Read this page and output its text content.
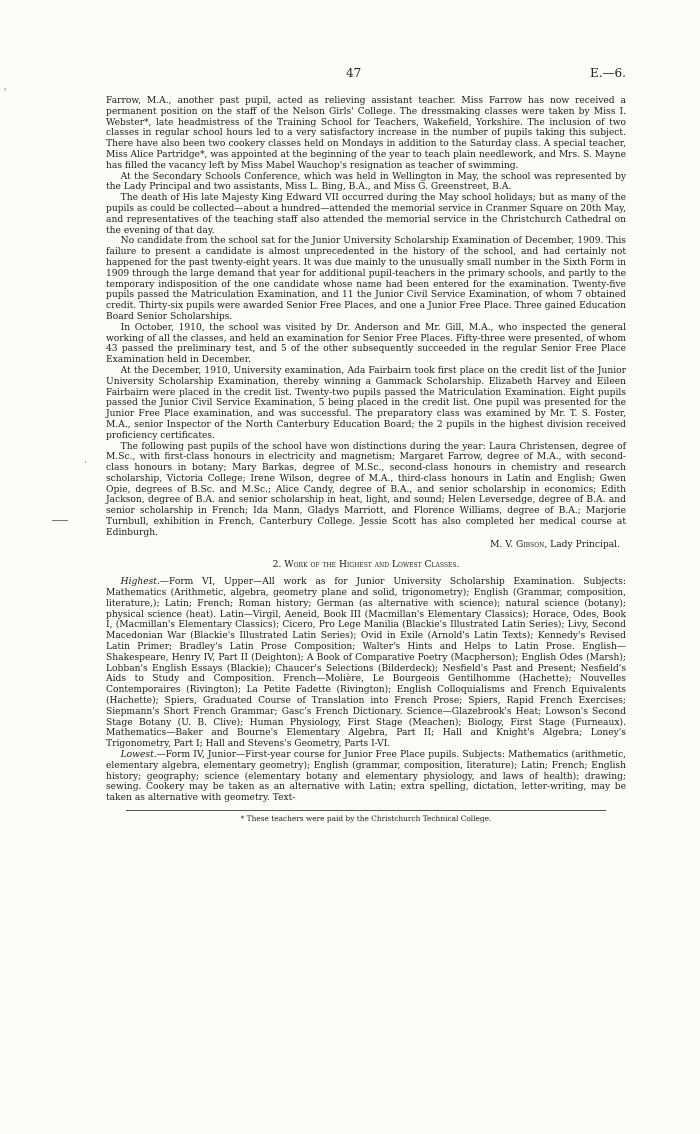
47	E.—6.
ʾ
·

Farrow, M.A., another past pupil, acted as relieving assistant teacher. Miss Farrow has now received a permanent position on the staff of the Nelson Girls' College. The dressmaking classes were taken by Miss I. Webster*, late headmistress of the Training School for Teachers, Wakefield, Yorkshire. The inclusion of two classes in regular school hours led to a very satisfactory increase in the number of pupils taking this subject. There have also been two cookery classes held on Mondays in addition to the Saturday class. A special teacher, Miss Alice Partridge*, was appointed at the beginning of the year to teach plain needlework, and Mrs. S. Mayne has filled the vacancy left by Miss Mabel Wauchop's resignation as teacher of swimming.

At the Secondary Schools Conference, which was held in Wellington in May, the school was represented by the Lady Principal and two assistants, Miss L. Bing, B.A., and Miss G. Greenstreet, B.A.

The death of His late Majesty King Edward VII occurred during the May school holidays; but as many of the pupils as could be collected—about a hundred—attended the memorial service in Cranmer Square on 20th May, and representatives of the teaching staff also attended the memorial service in the Christchurch Cathedral on the evening of that day.

No candidate from the school sat for the Junior University Scholarship Examination of December, 1909. This failure to present a candidate is almost unprecedented in the history of the school, and had certainly not happened for the past twenty-eight years. It was due mainly to the unusually small number in the Sixth Form in 1909 through the large demand that year for additional pupil-teachers in the primary schools, and partly to the temporary indisposition of the one candidate whose name had been entered for the examination. Twenty-five pupils passed the Matriculation Examination, and 11 the Junior Civil Service Examination, of whom 7 obtained credit. Thirty-six pupils were awarded Senior Free Places, and one a Junior Free Place. Three gained Education Board Senior Scholarships.

In October, 1910, the school was visited by Dr. Anderson and Mr. Gill, M.A., who inspected the general working of all the classes, and held an examination for Senior Free Places. Fifty-three were presented, of whom 43 passed the preliminary test, and 5 of the other subsequently succeeded in the regular Senior Free Place Examination held in December.

At the December, 1910, University examination, Ada Fairbairn took first place on the credit list of the Junior University Scholarship Examination, thereby winning a Gammack Scholarship. Elizabeth Harvey and Eileen Fairbairn were placed in the credit list. Twenty-two pupils passed the Matriculation Examination. Eight pupils passed the Junior Civil Service Examination, 5 being placed in the credit list. One pupil was presented for the Junior Free Place examination, and was successful. The preparatory class was examined by Mr. T. S. Foster, M.A., senior Inspector of the North Canterbury Education Board; the 2 pupils in the highest division received proficiency certificates.

The following past pupils of the school have won distinctions during the year: Laura Christensen, degree of M.Sc., with first-class honours in electricity and magnetism; Margaret Farrow, degree of M.A., with second-class honours in botany; Mary Barkas, degree of M.Sc., second-class honours in chemistry and research scholarship, Victoria College; Irene Wilson, degree of M.A., third-class honours in Latin and English; Gwen Opie, degrees of B.Sc. and M.Sc.; Alice Candy, degree of B.A., and senior scholarship in economics; Edith Jackson, degree of B.A. and senior scholarship in heat, light, and sound; Helen Leversedge, degree of B.A. and senior scholarship in French; Ida Mann, Gladys Marriott, and Florence Williams, degree of B.A.; Marjorie Turnbull, exhibition in French, Canterbury College. Jessie Scott has also completed her medical course at Edinburgh.

M. V. Gibson, Lady Principal.

2. Work of the Highest and Lowest Classes.

Highest.—Form VI, Upper—All work as for Junior University Scholarship Examination. Subjects: Mathematics (Arithmetic, algebra, geometry plane and solid, trigonometry); English (Grammar, composition, literature,); Latin; French; Roman history; German (as alternative with science); natural science (botany); physical science (heat). Latin—Virgil, Aeneid, Book III (Macmillan's Elementary Classics); Horace, Odes, Book I, (Macmillan's Elementary Classics); Cicero, Pro Lege Manilia (Blackie's Illustrated Latin Series); Livy, Second Macedonian War (Blackie's Illustrated Latin Series); Ovid in Exile (Arnold's Latin Texts); Kennedy's Revised Latin Primer; Bradley's Latin Prose Composition; Walter's Hints and Helps to Latin Prose. English—Shakespeare, Henry IV, Part II (Deighton); A Book of Comparative Poetry (Macpherson); English Odes (Marsh); Lobban's English Essays (Blackie); Chaucer's Selections (Bilderdeck); Nesfield's Past and Present; Nesfield's Aids to Study and Composition. French—Molière, Le Bourgeois Gentilhomme (Hachette); Nouvelles Contemporaires (Rivington); La Petite Fadette (Rivington); English Colloquialisms and French Equivalents (Hachette); Spiers, Graduated Course of Translation into French Prose; Spiers, Rapid French Exercises; Siepmann's Short French Grammar; Gasc's French Dictionary. Science—Glazebrook's Heat; Lowson's Second Stage Botany (U. B. Clive); Human Physiology, First Stage (Meachen); Biology, First Stage (Furneaux). Mathematics—Baker and Bourne's Elementary Algebra, Part II; Hall and Knight's Algebra; Loney's Trigonometry, Part I; Hall and Stevens's Geometry, Parts I-VI.

Lowest.—Form IV, Junior—First-year course for Junior Free Place pupils. Subjects: Mathematics (arithmetic, elementary algebra, elementary geometry); English (grammar, composition, literature); Latin; French; English history; geography; science (elementary botany and elementary physiology, and laws of health); drawing; sewing. Cookery may be taken as an alternative with Latin; extra spelling, dictation, letter-writing, may be taken as alternative with geometry. Text-

* These teachers were paid by the Christchurch Technical College.
